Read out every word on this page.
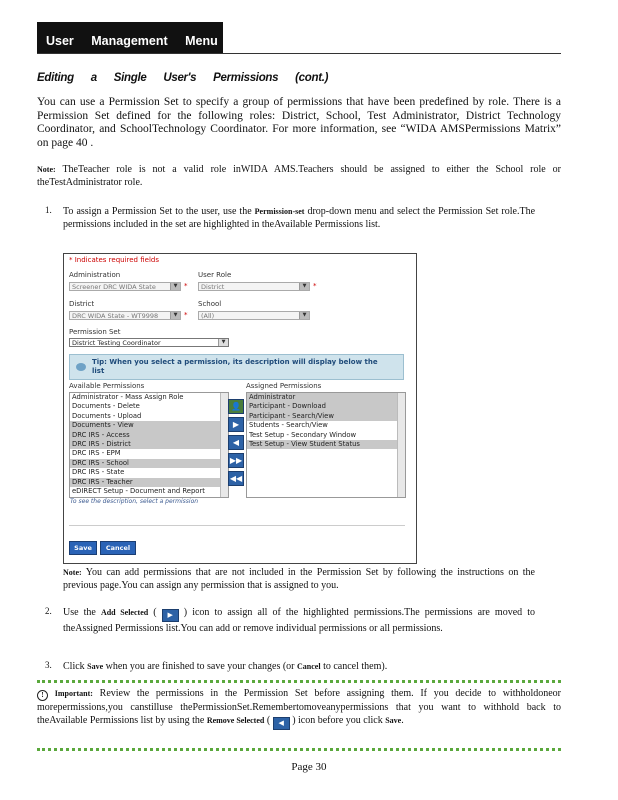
User Management Menu
Editing a Single User's Permissions (cont.)
You can use a Permission Set to specify a group of permissions that have been predefined by role. There is a Permission Set defined for the following roles: District, School, Test Administrator, District Technology Coordinator, and SchoolTechnology Coordinator. For more information, see “WIDA AMSPermissions Matrix” on page 40 .
Note: TheTeacher role is not a valid role inWIDA AMS.Teachers should be assigned to either the School role or theTestAdministrator role.
1.	To assign a Permission Set to the user, use the Permission-set drop-down menu and select the Permission Set role.The permissions included in the set are highlighted in theAvailable Permissions list.
* Indicates required fields
Administration
Screener DRC WIDA State	▼ *
User Role
District	▼ *
District
DRC WIDA State - WT9998	▼ *
School
(All)	▼
Permission Set
District Testing Coordinator	▼
Tip: When you select a permission, its description will display below the list
Available Permissions	Assigned Permissions
Administrator - Mass Assign Role
Documents - Delete
Documents - Upload
Documents - View
DRC IRS - Access
DRC IRS - District
DRC IRS - EPM
DRC IRS - School
DRC IRS - State
DRC IRS - Teacher
eDIRECT Setup - Document and Report
👤
▶
◀
▶▶
◀◀
Administrator
Participant - Download
Participant - Search/View
Students - Search/View
Test Setup - Secondary Window
Test Setup - View Student Status
To see the description, select a permission
Save	Cancel
Note: You can add permissions that are not included in the Permission Set by following the instructions on the previous page.You can assign any permission that is assigned to you.
2.	Use the Add Selected ( ▶ ) icon to assign all of the highlighted permissions.The permissions are moved to theAssigned Permissions list.You can add or remove individual permissions or all permissions.
3.	Click Save when you are finished to save your changes (or Cancel to cancel them).
! Important: Review the permissions in the Permission Set before assigning them. If you decide to withholdoneor morepermissions,you canstilluse thePermissionSet.Remembertomoveanypermissions that you want to withhold back to theAvailable Permissions list by using the Remove Selected ( ◀ ) icon before you click Save.
Page 30
